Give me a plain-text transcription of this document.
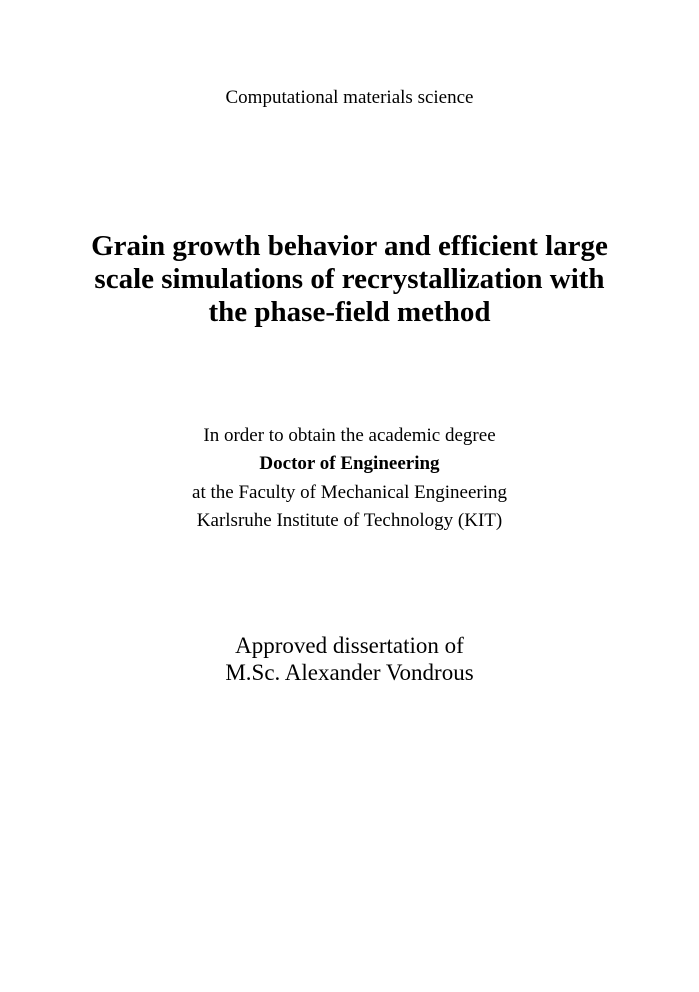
Computational materials science
Grain growth behavior and efficient large
scale simulations of recrystallization with
the phase-field method
In order to obtain the academic degree
Doctor of Engineering
at the Faculty of Mechanical Engineering
Karlsruhe Institute of Technology (KIT)
Approved dissertation of
M.Sc. Alexander Vondrous
